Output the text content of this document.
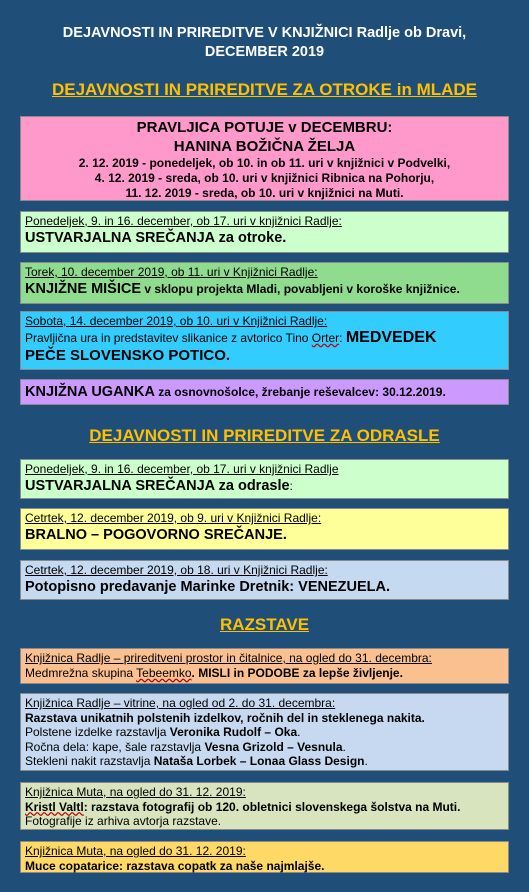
DEJAVNOSTI IN PRIREDITVE V KNJIŽNICI Radlje ob Dravi,
DECEMBER 2019
DEJAVNOSTI IN PRIREDITVE ZA OTROKE in MLADE
PRAVLJICA POTUJE v DECEMBRU:
HANINA BOŽIČNA ŽELJA
2. 12. 2019 - ponedeljek, ob 10. in ob 11. uri v knjižnici v Podvelki,
4. 12. 2019 - sreda, ob 10. uri v knjižnici Ribnica na Pohorju,
11. 12. 2019 - sreda, ob 10. uri v knjižnici na Muti.
Ponedeljek, 9. in 16. december, ob 17. uri v knjižnici Radlje:
USTVARJALNA SREČANJA za otroke.
Torek, 10. december 2019, ob 11. uri v Knjižnici Radlje:
KNJIŽNE MIŠICE v sklopu projekta Mladi, povabljeni v koroške knjižnice.
Sobota, 14. december 2019, ob 10. uri v Knjižnici Radlje:
Pravljična ura in predstavitev slikanice z avtorico Tino Orter: MEDVEDEK
PEČE SLOVENSKO POTICO.
KNJIŽNA UGANKA za osnovnošolce, žrebanje reševalcev: 30.12.2019.
DEJAVNOSTI IN PRIREDITVE ZA ODRASLE
Ponedeljek, 9. in 16. december, ob 17. uri v knjižnici Radlje
USTVARJALNA SREČANJA za odrasle:
Cetrtek, 12. december 2019, ob 9. uri v Knjižnici Radlje:
BRALNO – POGOVORNO SREČANJE.
Cetrtek, 12. december 2019, ob 18. uri v Knjižnici Radlje:
Potopisno predavanje Marinke Dretnik: VENEZUELA.
RAZSTAVE
Knjižnica Radlje – prireditveni prostor in čitalnice, na ogled do 31. decembra:
Medmrežna skupina Tebeemko. MISLI in PODOBE za lepše življenje.
Knjižnica Radlje – vitrine, na ogled od 2. do 31. decembra:
Razstava unikatnih polstenih izdelkov, ročnih del in steklenega nakita.
Polstene izdelke razstavlja Veronika Rudolf – Oka.
Ročna dela: kape, šale razstavlja Vesna Grizold – Vesnula.
Stekleni nakit razstavlja Nataša Lorbek – Lonaa Glass Design.
Knjižnica Muta, na ogled do 31. 12. 2019:
Kristl Valtl: razstava fotografij ob 120. obletnici slovenskega šolstva na Muti.
Fotografije iz arhiva avtorja razstave.
Knjižnica Muta, na ogled do 31. 12. 2019:
Muce copatarice: razstava copatk za naše najmlajše.
